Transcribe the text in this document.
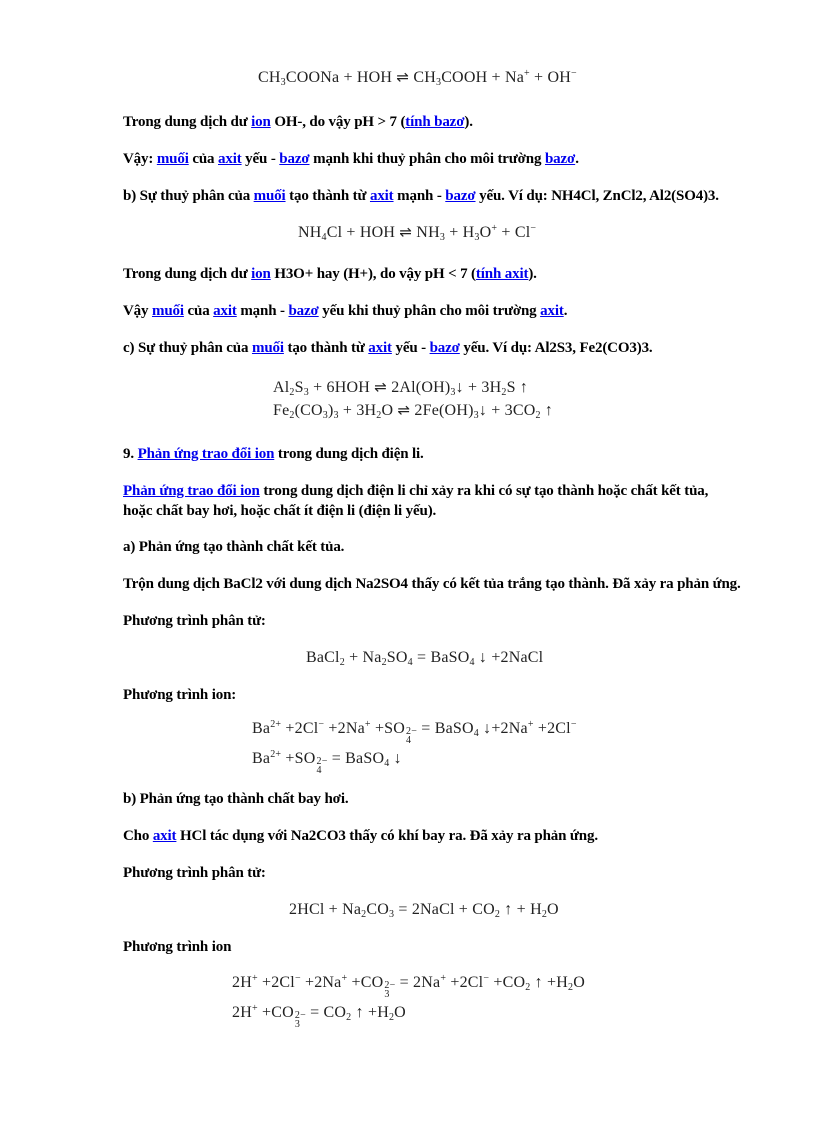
$CH_3COONa$ + HOH ⇌ $CH_3COOH + Na^+ + OH^-$
Trong dung dịch dư ion OH-, do vậy pH > 7 (tính bazơ).
Vậy: muối của axit yếu - bazơ mạnh khi thuỷ phân cho môi trường bazơ.
b) Sự thuỷ phân của muối tạo thành từ axit mạnh - bazơ yếu. Ví dụ: NH4Cl, ZnCl2, Al2(SO4)3.
$NH_4Cl$ + HOH ⇌ $NH_3 + H_3O^+ + Cl^-$
Trong dung dịch dư ion H3O+ hay (H+), do vậy pH < 7 (tính axit).
Vậy muối của axit mạnh - bazơ yếu khi thuỷ phân cho môi trường axit.
c) Sự thuỷ phân của muối tạo thành từ axit yếu - bazơ yếu. Ví dụ: Al2S3, Fe2(CO3)3.
$Al_2S_3 + 6HOH$ ⇌ $2Al(OH)_3↓ + 3H_2S$ ↑
$Fe_2(CO_3)_3 + 3H_2O$ ⇌ $2Fe(OH)_3↓ + 3CO_2$ ↑
9. Phản ứng trao đổi ion trong dung dịch điện li.
Phản ứng trao đổi ion trong dung dịch điện li chỉ xảy ra khi có sự tạo thành hoặc chất kết tủa, hoặc chất bay hơi, hoặc chất ít điện li (điện li yếu).
a) Phản ứng tạo thành chất kết tủa.
Trộn dung dịch BaCl2 với dung dịch Na2SO4 thấy có kết tủa trắng tạo thành. Đã xảy ra phản ứng.
Phương trình phân tử:
BaCl$_2$ + $Na_2SO_4$ = BaSO$_4$ ↓ +2NaCl
Phương trình ion:
$Ba^{2+} +2Cl^- +2Na^+ +SO$ 2−
4
= BaSO$_4$ ↓+2Na+ +2Cl−
$Ba^{2+} +SO$ 2−
4
= BaSO$_4$ ↓
b) Phản ứng tạo thành chất bay hơi.
Cho axit HCl tác dụng với Na2CO3 thấy có khí bay ra. Đã xảy ra phản ứng.
Phương trình phân tử:
$2HCl + Na_2CO_3$ = 2NaCl + $CO_2$ ↑ + $H_2O$
Phương trình ion
2H+ +2Cl− +2Na+ +CO 2−
3
= $2Na^+ +2Cl^- +CO_2$ ↑ $+H_2O$
2H+ +CO 2−
3
= $CO_2$ ↑ $+H_2O$
